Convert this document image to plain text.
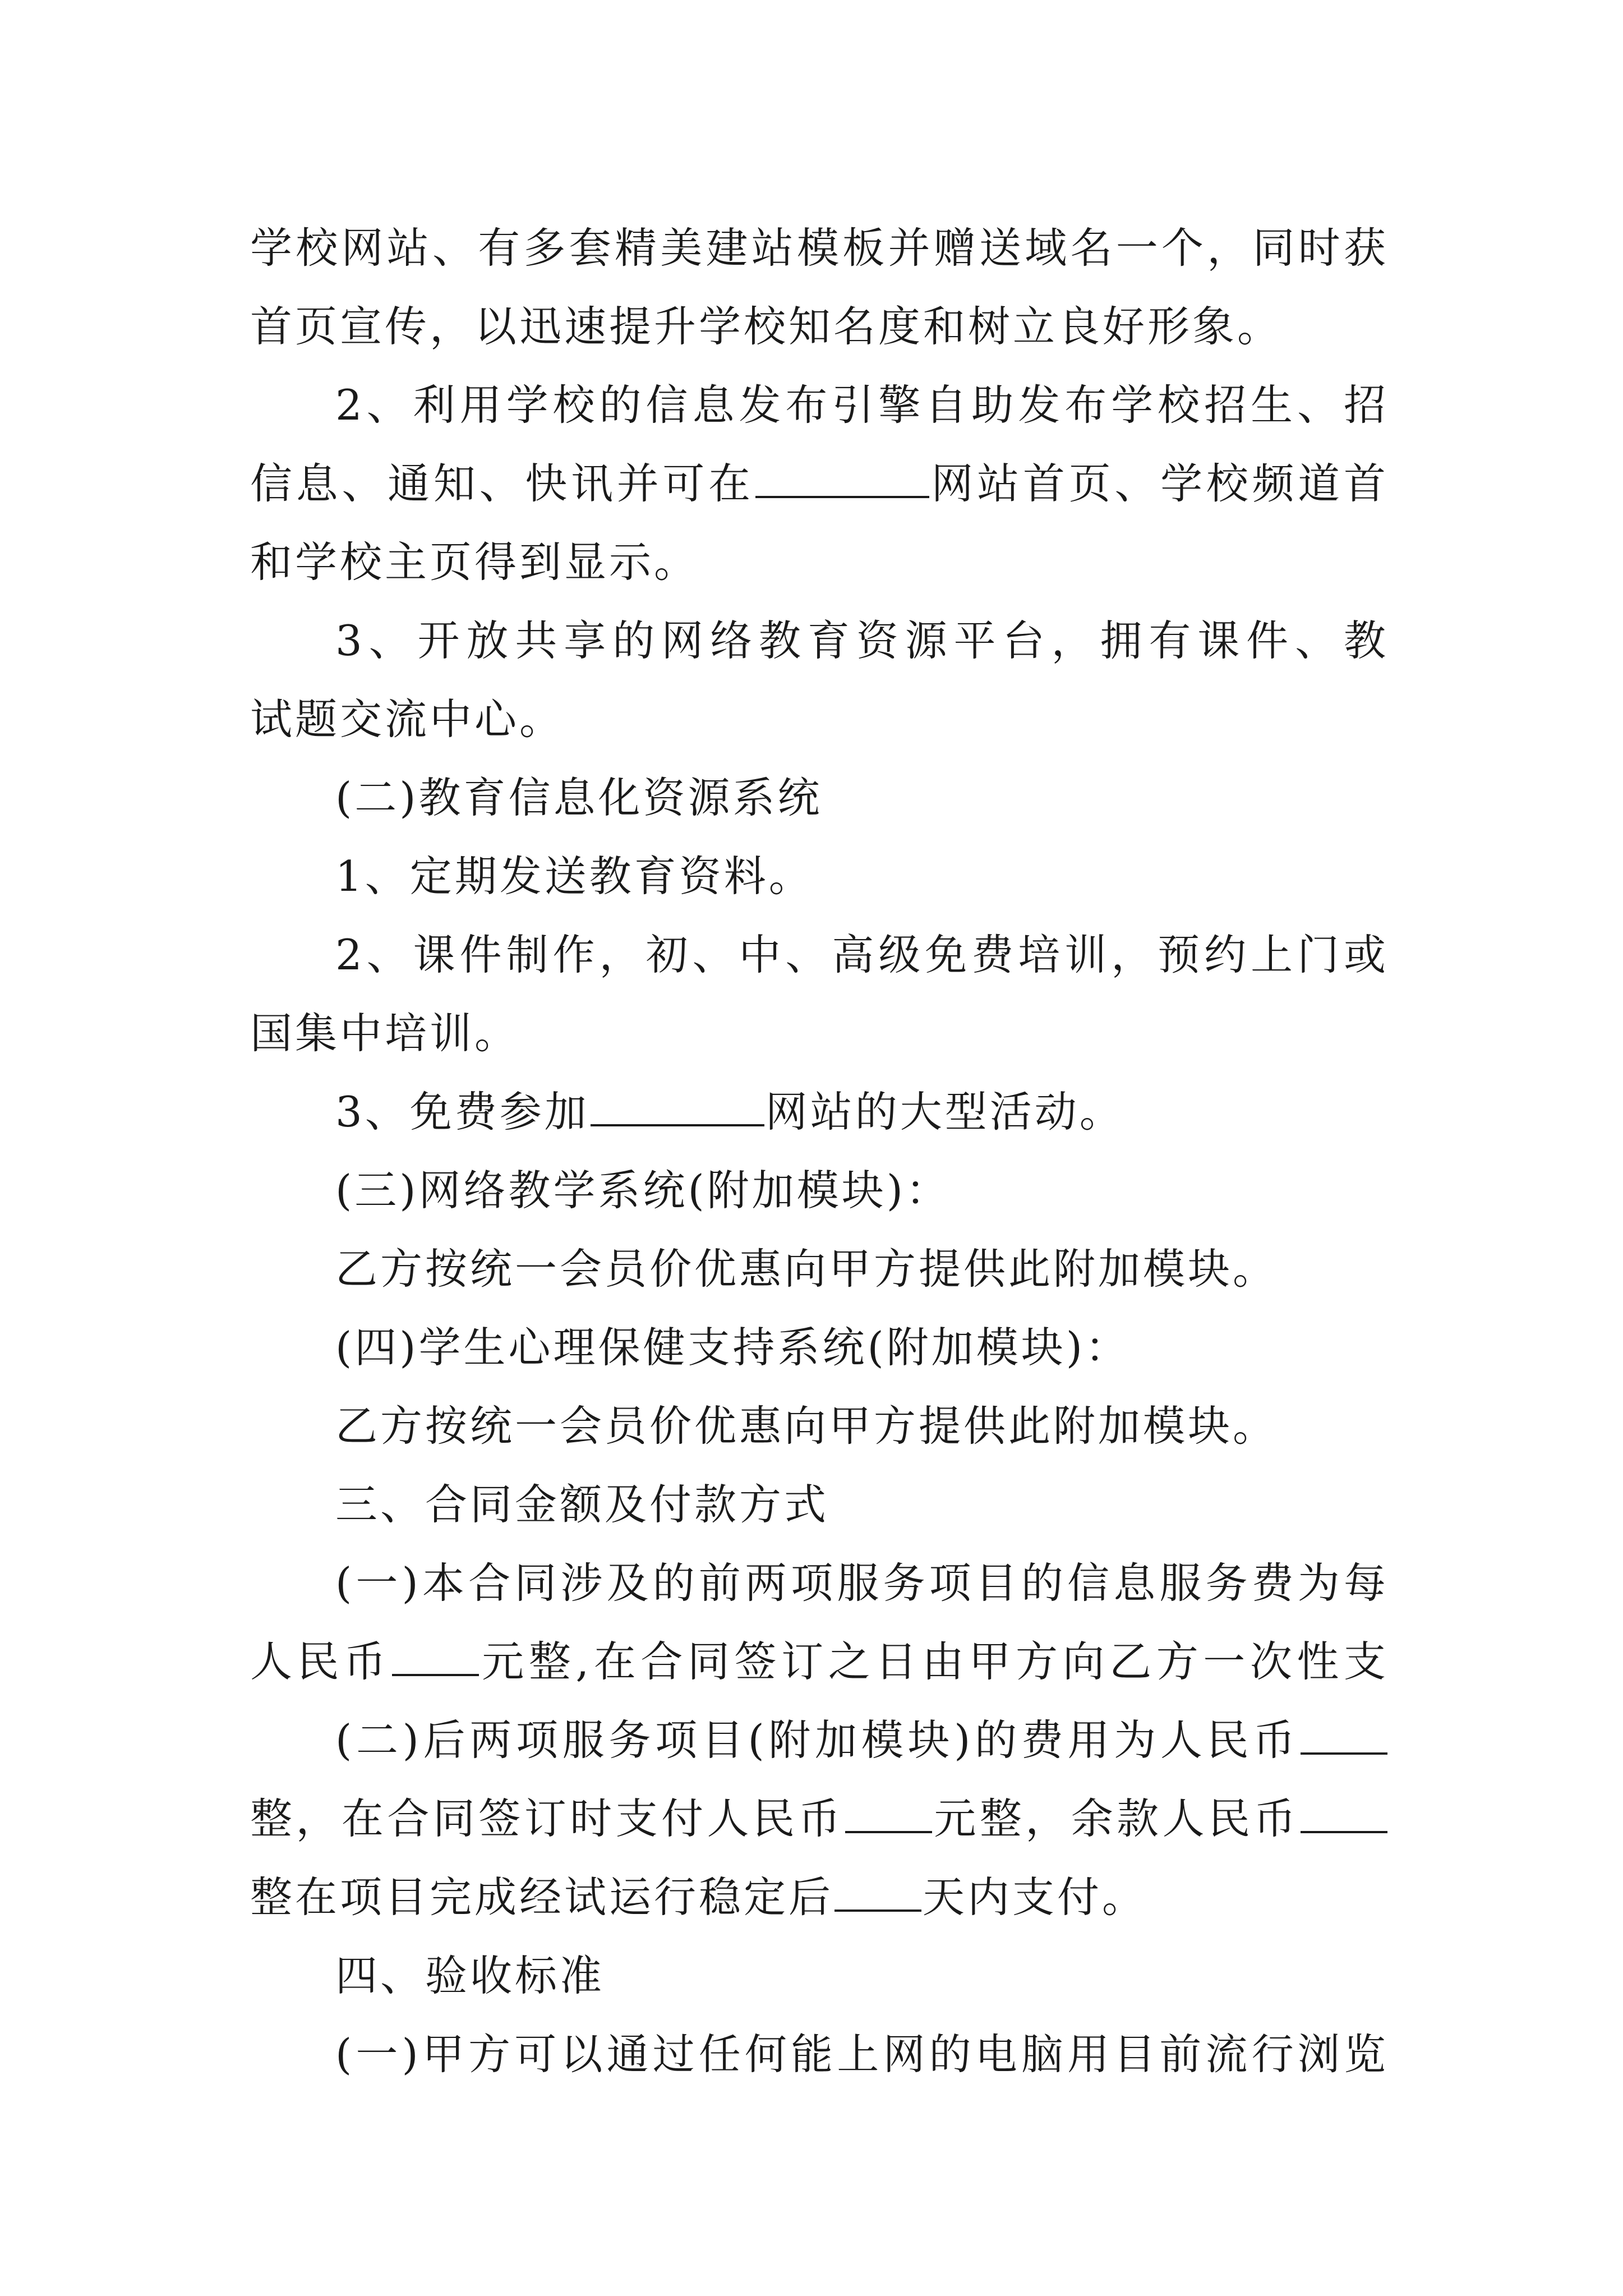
学校网站、有多套精美建站模板并赠送域名一个，同时获
首页宣传，以迅速提升学校知名度和树立良好形象。
2、利用学校的信息发布引擎自助发布学校招生、招
信息、通知、快讯并可在	网站首页、学校频道首
和学校主页得到显示。
3、开放共享的网络教育资源平台，拥有课件、教
试题交流中心。
(二)教育信息化资源系统
1、定期发送教育资料。
2、课件制作，初、中、高级免费培训，预约上门或
国集中培训。
3、免费参加	网站的大型活动。
(三)网络教学系统(附加模块)：
乙方按统一会员价优惠向甲方提供此附加模块。
(四)学生心理保健支持系统(附加模块)：
乙方按统一会员价优惠向甲方提供此附加模块。
三、合同金额及付款方式
(一)本合同涉及的前两项服务项目的信息服务费为每
人民币 元整,在合同签订之日由甲方向乙方一次性支
(二)后两项服务项目(附加模块)的费用为人民币
整，在合同签订时支付人民币 元整，余款人民币
整在项目完成经试运行稳定后 天内支付。
四、验收标准
(一)甲方可以通过任何能上网的电脑用目前流行浏览
